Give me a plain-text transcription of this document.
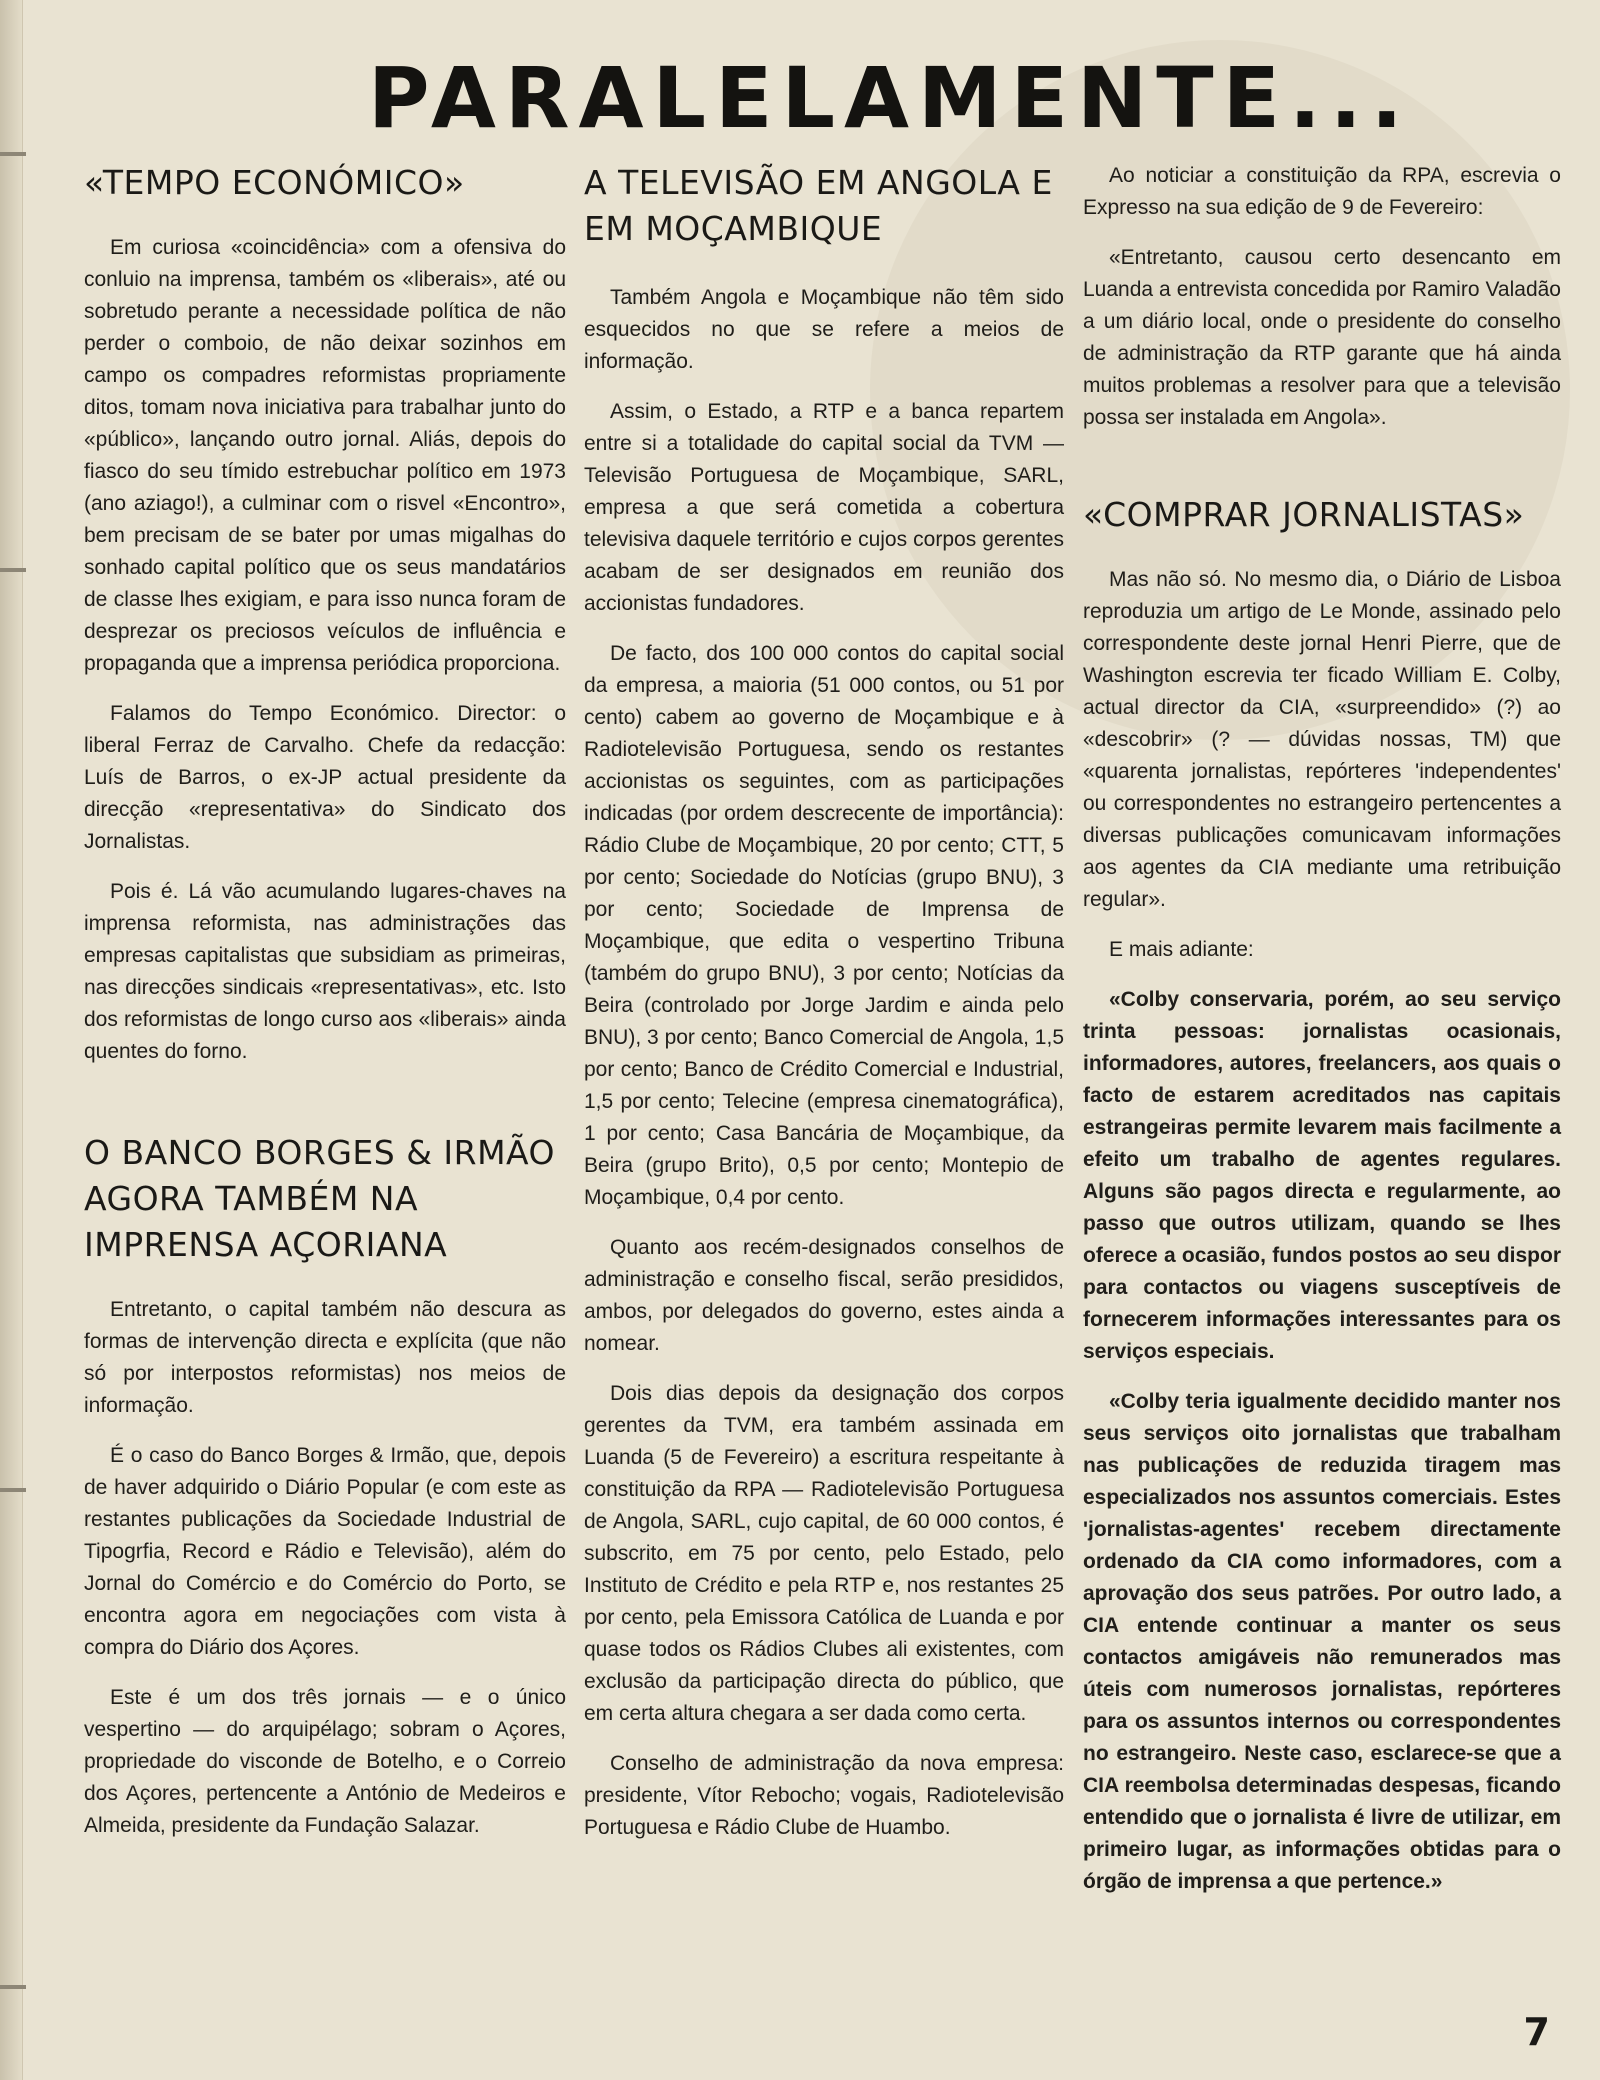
PARALELAMENTE...
«TEMPO ECONÓMICO»

Em curiosa «coincidência» com a ofensiva do conluio na imprensa, também os «liberais», até ou sobretudo perante a necessidade política de não perder o comboio, de não deixar sozinhos em campo os compadres reformistas propriamente ditos, tomam nova iniciativa para trabalhar junto do «público», lançando outro jornal. Aliás, depois do fiasco do seu tímido estrebuchar político em 1973 (ano aziago!), a culminar com o risvel «Encontro», bem precisam de se bater por umas migalhas do sonhado capital político que os seus mandatários de classe lhes exigiam, e para isso nunca foram de desprezar os preciosos veículos de influência e propaganda que a imprensa periódica proporciona.

Falamos do Tempo Económico. Director: o liberal Ferraz de Carvalho. Chefe da redacção: Luís de Barros, o ex-JP actual presidente da direcção «representativa» do Sindicato dos Jornalistas.

Pois é. Lá vão acumulando lugares-chaves na imprensa reformista, nas administrações das empresas capitalistas que subsidiam as primeiras, nas direcções sindicais «representativas», etc. Isto dos reformistas de longo curso aos «liberais» ainda quentes do forno.

O BANCO BORGES & IRMÃO AGORA TAMBÉM NA IMPRENSA AÇORIANA

Entretanto, o capital também não descura as formas de intervenção directa e explícita (que não só por interpostos reformistas) nos meios de informação.

É o caso do Banco Borges & Irmão, que, depois de haver adquirido o Diário Popular (e com este as restantes publicações da Sociedade Industrial de Tipogrfia, Record e Rádio e Televisão), além do Jornal do Comércio e do Comércio do Porto, se encontra agora em negociações com vista à compra do Diário dos Açores.

Este é um dos três jornais — e o único vespertino — do arquipélago; sobram o Açores, propriedade do visconde de Botelho, e o Correio dos Açores, pertencente a António de Medeiros e Almeida, presidente da Fundação Salazar.

A TELEVISÃO EM ANGOLA E EM MOÇAMBIQUE

Também Angola e Moçambique não têm sido esquecidos no que se refere a meios de informação.

Assim, o Estado, a RTP e a banca repartem entre si a totalidade do capital social da TVM — Televisão Portuguesa de Moçambique, SARL, empresa a que será cometida a cobertura televisiva daquele território e cujos corpos gerentes acabam de ser designados em reunião dos accionistas fundadores.

De facto, dos 100 000 contos do capital social da empresa, a maioria (51 000 contos, ou 51 por cento) cabem ao governo de Moçambique e à Radiotelevisão Portuguesa, sendo os restantes accionistas os seguintes, com as participações indicadas (por ordem descrecente de importância): Rádio Clube de Moçambique, 20 por cento; CTT, 5 por cento; Sociedade do Notícias (grupo BNU), 3 por cento; Sociedade de Imprensa de Moçambique, que edita o vespertino Tribuna (também do grupo BNU), 3 por cento; Notícias da Beira (controlado por Jorge Jardim e ainda pelo BNU), 3 por cento; Banco Comercial de Angola, 1,5 por cento; Banco de Crédito Comercial e Industrial, 1,5 por cento; Telecine (empresa cinematográfica), 1 por cento; Casa Bancária de Moçambique, da Beira (grupo Brito), 0,5 por cento; Montepio de Moçambique, 0,4 por cento.

Quanto aos recém-designados conselhos de administração e conselho fiscal, serão presididos, ambos, por delegados do governo, estes ainda a nomear.

Dois dias depois da designação dos corpos gerentes da TVM, era também assinada em Luanda (5 de Fevereiro) a escritura respeitante à constituição da RPA — Radiotelevisão Portuguesa de Angola, SARL, cujo capital, de 60 000 contos, é subscrito, em 75 por cento, pelo Estado, pelo Instituto de Crédito e pela RTP e, nos restantes 25 por cento, pela Emissora Católica de Luanda e por quase todos os Rádios Clubes ali existentes, com exclusão da participação directa do público, que em certa altura chegara a ser dada como certa.

Conselho de administração da nova empresa: presidente, Vítor Rebocho; vogais, Radiotelevisão Portuguesa e Rádio Clube de Huambo.

Ao noticiar a constituição da RPA, escrevia o Expresso na sua edição de 9 de Fevereiro:

«Entretanto, causou certo desencanto em Luanda a entrevista concedida por Ramiro Valadão a um diário local, onde o presidente do conselho de administração da RTP garante que há ainda muitos problemas a resolver para que a televisão possa ser instalada em Angola».

«COMPRAR JORNALISTAS»

Mas não só. No mesmo dia, o Diário de Lisboa reproduzia um artigo de Le Monde, assinado pelo correspondente deste jornal Henri Pierre, que de Washington escrevia ter ficado William E. Colby, actual director da CIA, «surpreendido» (?) ao «descobrir» (? — dúvidas nossas, TM) que «quarenta jornalistas, repórteres 'independentes' ou correspondentes no estrangeiro pertencentes a diversas publicações comunicavam informações aos agentes da CIA mediante uma retribuição regular».

E mais adiante:

«Colby conservaria, porém, ao seu serviço trinta pessoas: jornalistas ocasionais, informadores, autores, freelancers, aos quais o facto de estarem acreditados nas capitais estrangeiras permite levarem mais facilmente a efeito um trabalho de agentes regulares. Alguns são pagos directa e regularmente, ao passo que outros utilizam, quando se lhes oferece a ocasião, fundos postos ao seu dispor para contactos ou viagens susceptíveis de fornecerem informações interessantes para os serviços especiais.

«Colby teria igualmente decidido manter nos seus serviços oito jornalistas que trabalham nas publicações de reduzida tiragem mas especializados nos assuntos comerciais. Estes 'jornalistas-agentes' recebem directamente ordenado da CIA como informadores, com a aprovação dos seus patrões. Por outro lado, a CIA entende continuar a manter os seus contactos amigáveis não remunerados mas úteis com numerosos jornalistas, repórteres para os assuntos internos ou correspondentes no estrangeiro. Neste caso, esclarece-se que a CIA reembolsa determinadas despesas, ficando entendido que o jornalista é livre de utilizar, em primeiro lugar, as informações obtidas para o órgão de imprensa a que pertence.»

7
